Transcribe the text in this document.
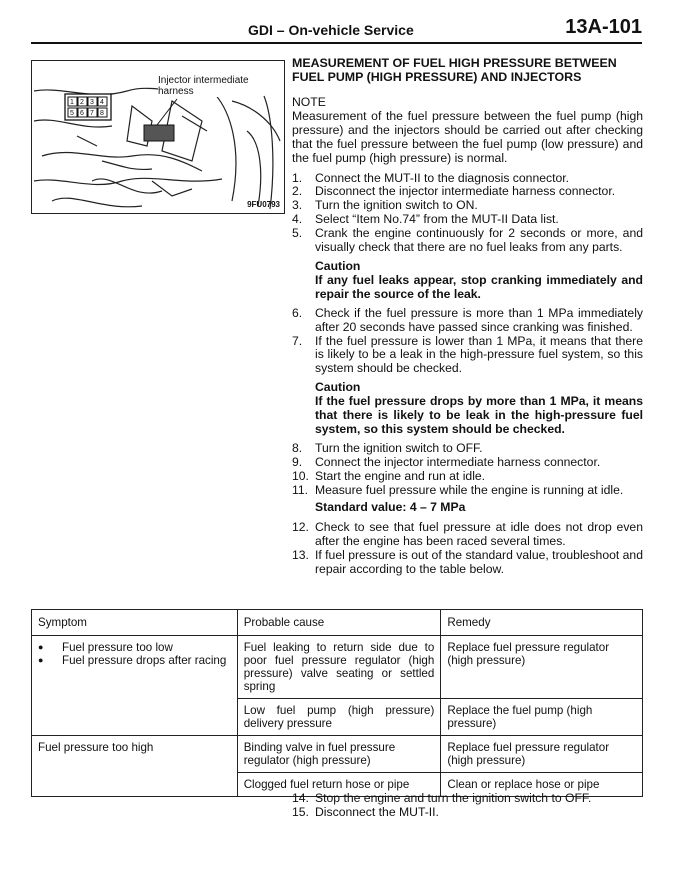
GDI – On-vehicle Service	13A-101
1 2 3 4
5 6 7 8
Injector intermediate
harness
9FU0793

MEASUREMENT OF FUEL HIGH PRESSURE BETWEEN FUEL PUMP (HIGH PRESSURE) AND INJECTORS

NOTE

Measurement of the fuel pressure between the fuel pump (high pressure) and the injectors should be carried out after checking that the fuel pressure between the fuel pump (low pressure) and the fuel pump (high pressure) is normal.

1. Connect the MUT-II to the diagnosis connector.
2. Disconnect the injector intermediate harness connector.
3. Turn the ignition switch to ON.
4. Select “Item No.74” from the MUT-II Data list.
5. Crank the engine continuously for 2 seconds or more, and visually check that there are no fuel leaks from any parts.
Caution
If any fuel leaks appear, stop cranking immediately and repair the source of the leak.
6. Check if the fuel pressure is more than 1 MPa immediately after 20 seconds have passed since cranking was finished.
7. If the fuel pressure is lower than 1 MPa, it means that there is likely to be a leak in the high-pressure fuel system, so this system should be checked.
Caution
If the fuel pressure drops by more than 1 MPa, it means that there is likely to be leak in the high-pressure fuel system, so this system should be checked.
8. Turn the ignition switch to OFF.
9. Connect the injector intermediate harness connector.
10. Start the engine and run at idle.
11. Measure fuel pressure while the engine is running at idle.
Standard value: 4 – 7 MPa
12. Check to see that fuel pressure at idle does not drop even after the engine has been raced several times.
13. If fuel pressure is out of the standard value, troubleshoot and repair according to the table below.
Symptom	Probable cause	Remedy

● Fuel pressure too low
● Fuel pressure drops after racing	Fuel leaking to return side due to poor fuel pressure regulator (high pressure) valve seating or settled spring	Replace fuel pressure regulator (high pressure)
	Low fuel pump (high pressure) delivery pressure	Replace the fuel pump (high pressure)
Fuel pressure too high	Binding valve in fuel pressure regulator (high pressure)	Replace fuel pressure regulator (high pressure)
	Clogged fuel return hose or pipe	Clean or replace hose or pipe
14. Stop the engine and turn the ignition switch to OFF.
15. Disconnect the MUT-II.
